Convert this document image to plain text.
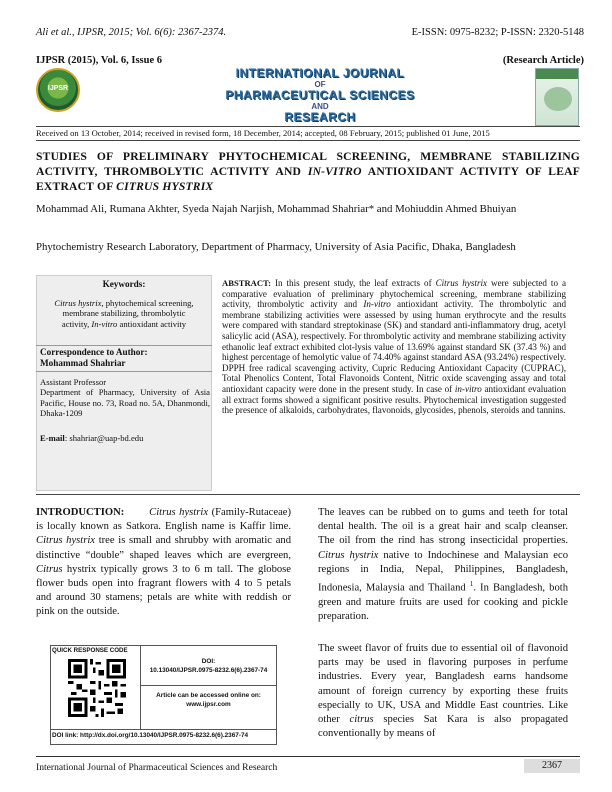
Ali et al., IJPSR, 2015; Vol. 6(6): 2367-2374.	E-ISSN: 0975-8232; P-ISSN: 2320-5148
IJPSR (2015), Vol. 6, Issue 6	(Research Article)
IJPSR
INTERNATIONAL JOURNAL
OF
PHARMACEUTICAL SCIENCES
AND
RESEARCH
Received on 13 October, 2014; received in revised form, 18 December, 2014; accepted, 08 February, 2015; published 01 June, 2015
STUDIES OF PRELIMINARY PHYTOCHEMICAL SCREENING, MEMBRANE STABILIZING ACTIVITY, THROMBOLYTIC ACTIVITY AND IN-VITRO ANTIOXIDANT ACTIVITY OF LEAF EXTRACT OF CITRUS HYSTRIX
Mohammad Ali, Rumana Akhter, Syeda Najah Narjish, Mohammad Shahriar* and Mohiuddin Ahmed Bhuiyan
Phytochemistry Research Laboratory, Department of Pharmacy, University of Asia Pacific, Dhaka, Bangladesh
Keywords:
Citrus hystrix, phytochemical screening, membrane stabilizing, thrombolytic activity, In-vitro antioxidant activity
Correspondence to Author:
Mohammad Shahriar
Assistant Professor
Department of Pharmacy, University of Asia Pacific, House no. 73, Road no. 5A, Dhanmondi, Dhaka-1209
E-mail: shahriar@uap-bd.edu
ABSTRACT: In this present study, the leaf extracts of Citrus hystrix were subjected to a comparative evaluation of preliminary phytochemical screening, membrane stabilizing activity, thrombolytic activity and In-vitro antioxidant activity. The thrombolytic and membrane stabilizing activities were assessed by using human erythrocyte and the results were compared with standard streptokinase (SK) and standard anti-inflammatory drug, acetyl salicylic acid (ASA), respectively. For thrombolytic activity and membrane stabilizing activity ethanolic leaf extract exhibited clot-lysis value of 13.69% against standard SK (37.43 %) and highest percentage of hemolytic value of 74.40% against standard ASA (93.24%) respectively. DPPH free radical scavenging activity, Cupric Reducing Antioxidant Capacity (CUPRAC), Total Phenolics Content, Total Flavonoids Content, Nitric oxide scavenging assay and total antioxidant capacity were done in the present study. In case of in-vitro antioxidant evaluation all extract forms showed a significant positive results. Phytochemical investigation suggested the presence of alkaloids, carbohydrates, flavonoids, glycosides, phenols, steroids and tannins.
INTRODUCTION: Citrus hystrix (Family-Rutaceae) is locally known as Satkora. English name is Kaffir lime. Citrus hystrix tree is small and shrubby with aromatic and distinctive “double” shaped leaves which are evergreen, Citrus hystrix typically grows 3 to 6 m tall. The globose flower buds open into fragrant flowers with 4 to 5 petals and around 30 stamens; petals are white with reddish or pink on the outside.
The leaves can be rubbed on to gums and teeth for total dental health. The oil is a great hair and scalp cleanser. The oil from the rind has strong insecticidal properties. Citrus hystrix native to Indochinese and Malaysian eco regions in India, Nepal, Philippines, Bangladesh, Indonesia, Malaysia and Thailand $^1$. In Bangladesh, both green and mature fruits are used for cooking and pickle preparation.
The sweet flavor of fruits due to essential oil of flavonoid parts may be used in flavoring purposes in perfume industries. Every year, Bangladesh earns handsome amount of foreign currency by exporting these fruits especially to UK, USA and Middle East countries. Like other citrus species Sat Kara is also propagated conventionally by means of
QUICK RESPONSE CODE
DOI:
10.13040/IJPSR.0975-8232.6(6).2367-74
Article can be accessed online on:
www.ijpsr.com
DOI link: http://dx.doi.org/10.13040/IJPSR.0975-8232.6(6).2367-74
International Journal of Pharmaceutical Sciences and Research	2367
